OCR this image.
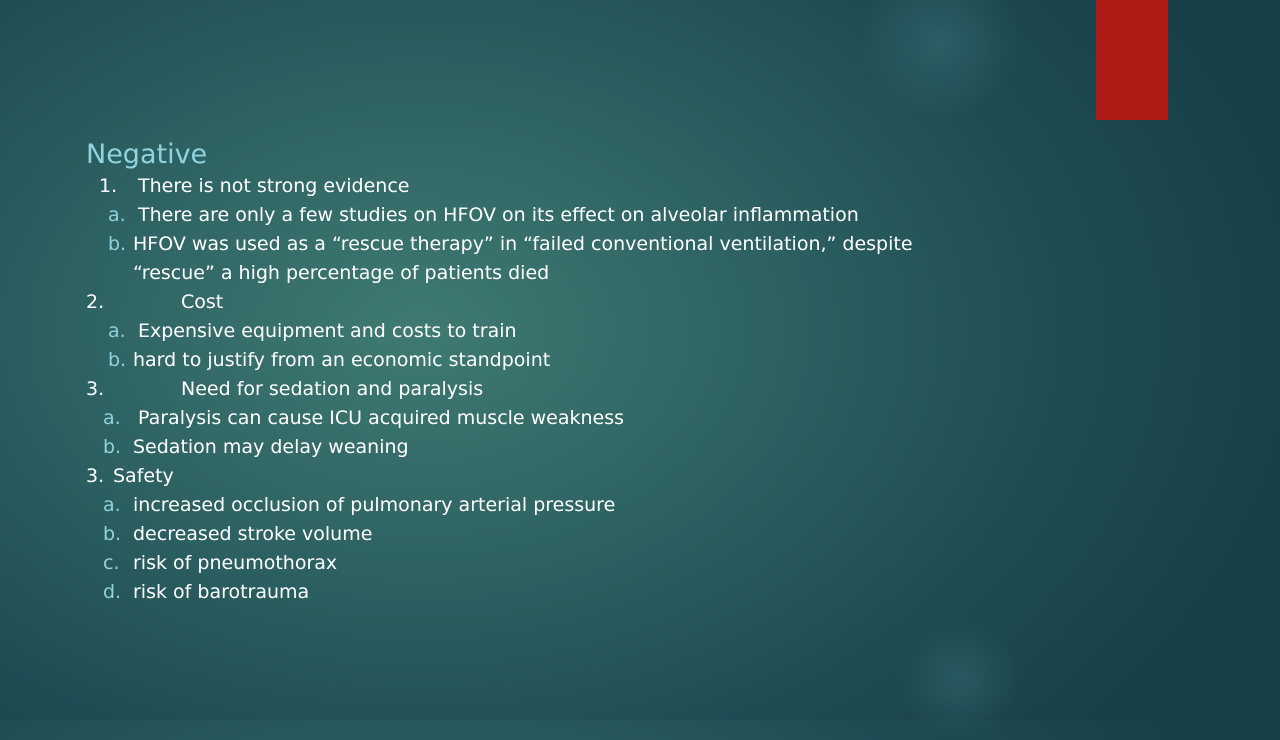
Negative
1. There is not strong evidence
a. There are only a few studies on HFOV on its effect on alveolar inflammation
b. HFOV was used as a “rescue therapy” in “failed conventional ventilation,” despite
“rescue” a high percentage of patients died
2.	Cost
a. Expensive equipment and costs to train
b. hard to justify from an economic standpoint
3.	Need for sedation and paralysis
a. Paralysis can cause ICU acquired muscle weakness
b. Sedation may delay weaning
3. Safety
a. increased occlusion of pulmonary arterial pressure
b. decreased stroke volume
c. risk of pneumothorax
d. risk of barotrauma
